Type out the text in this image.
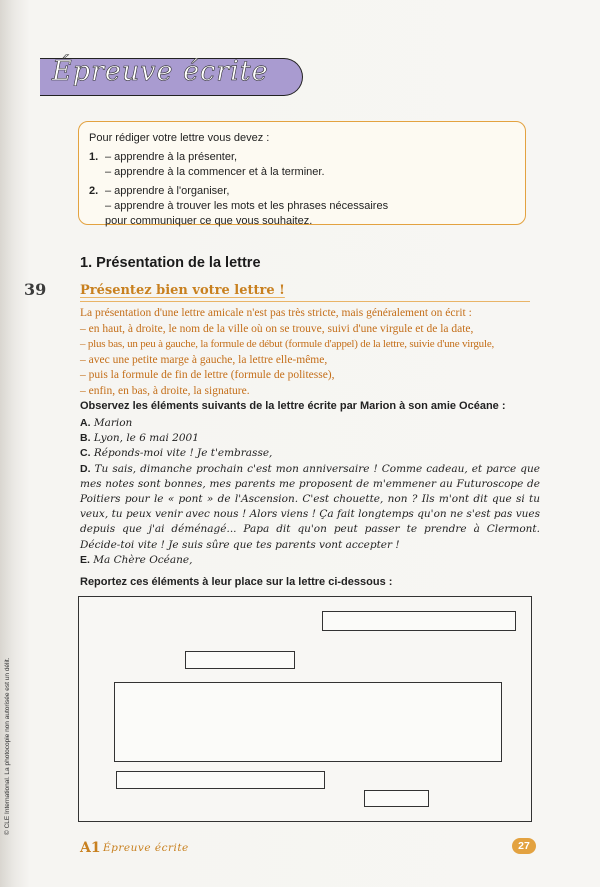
Épreuve écrite
Pour rédiger votre lettre vous devez :
1. – apprendre à la présenter,
– apprendre à la commencer et à la terminer.
2. – apprendre à l'organiser,
– apprendre à trouver les mots et les phrases nécessaires
pour communiquer ce que vous souhaitez.
1. Présentation de la lettre
39	Présentez bien votre lettre !
La présentation d'une lettre amicale n'est pas très stricte, mais généralement on écrit :
– en haut, à droite, le nom de la ville où on se trouve, suivi d'une virgule et de la date,
– plus bas, un peu à gauche, la formule de début (formule d'appel) de la lettre, suivie d'une virgule,
– avec une petite marge à gauche, la lettre elle-même,
– puis la formule de fin de lettre (formule de politesse),
– enfin, en bas, à droite, la signature.
Observez les éléments suivants de la lettre écrite par Marion à son amie Océane :
A. Marion
B. Lyon, le 6 mai 2001
C. Réponds-moi vite ! Je t'embrasse,
D. Tu sais, dimanche prochain c'est mon anniversaire ! Comme cadeau, et parce que mes notes sont bonnes, mes parents me proposent de m'emmener au Futuroscope de Poitiers pour le « pont » de l'Ascension. C'est chouette, non ? Ils m'ont dit que si tu veux, tu peux venir avec nous ! Alors viens ! Ça fait longtemps qu'on ne s'est pas vues depuis que j'ai déménagé... Papa dit qu'on peut passer te prendre à Clermont. Décide-toi vite ! Je suis sûre que tes parents vont accepter !
E. Ma Chère Océane,
Reportez ces éléments à leur place sur la lettre ci-dessous :
© CLE International. La photocopie non autorisée est un délit.
A1 Épreuve écrite	27
